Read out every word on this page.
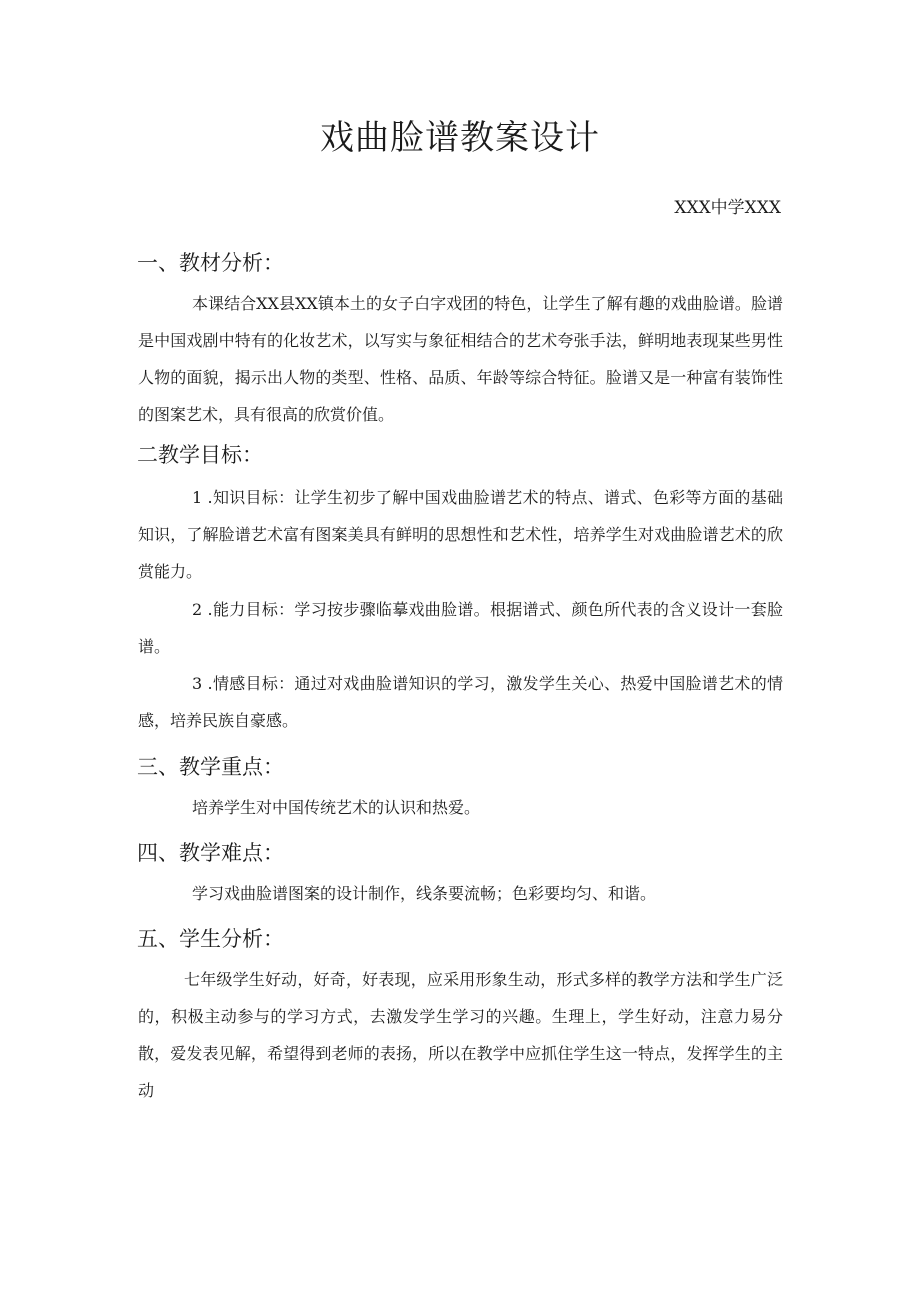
戏曲脸谱教案设计
XXX中学XXX
一、教材分析：
本课结合XX县XX镇本土的女子白字戏团的特色，让学生了解有趣的戏曲脸谱。脸谱是中国戏剧中特有的化妆艺术，以写实与象征相结合的艺术夸张手法，鲜明地表现某些男性人物的面貌，揭示出人物的类型、性格、品质、年龄等综合特征。脸谱又是一种富有装饰性的图案艺术，具有很高的欣赏价值。
二教学目标：
1 .知识目标：让学生初步了解中国戏曲脸谱艺术的特点、谱式、色彩等方面的基础知识，了解脸谱艺术富有图案美具有鲜明的思想性和艺术性，培养学生对戏曲脸谱艺术的欣赏能力。
2 .能力目标：学习按步骤临摹戏曲脸谱。根据谱式、颜色所代表的含义设计一套脸谱。
3 .情感目标：通过对戏曲脸谱知识的学习，激发学生关心、热爱中国脸谱艺术的情感，培养民族自豪感。
三、教学重点：
培养学生对中国传统艺术的认识和热爱。
四、教学难点：
学习戏曲脸谱图案的设计制作，线条要流畅；色彩要均匀、和谐。
五、学生分析：
七年级学生好动，好奇，好表现，应采用形象生动，形式多样的教学方法和学生广泛的，积极主动参与的学习方式，去激发学生学习的兴趣。生理上，学生好动，注意力易分散，爱发表见解，希望得到老师的表扬，所以在教学中应抓住学生这一特点，发挥学生的主动
